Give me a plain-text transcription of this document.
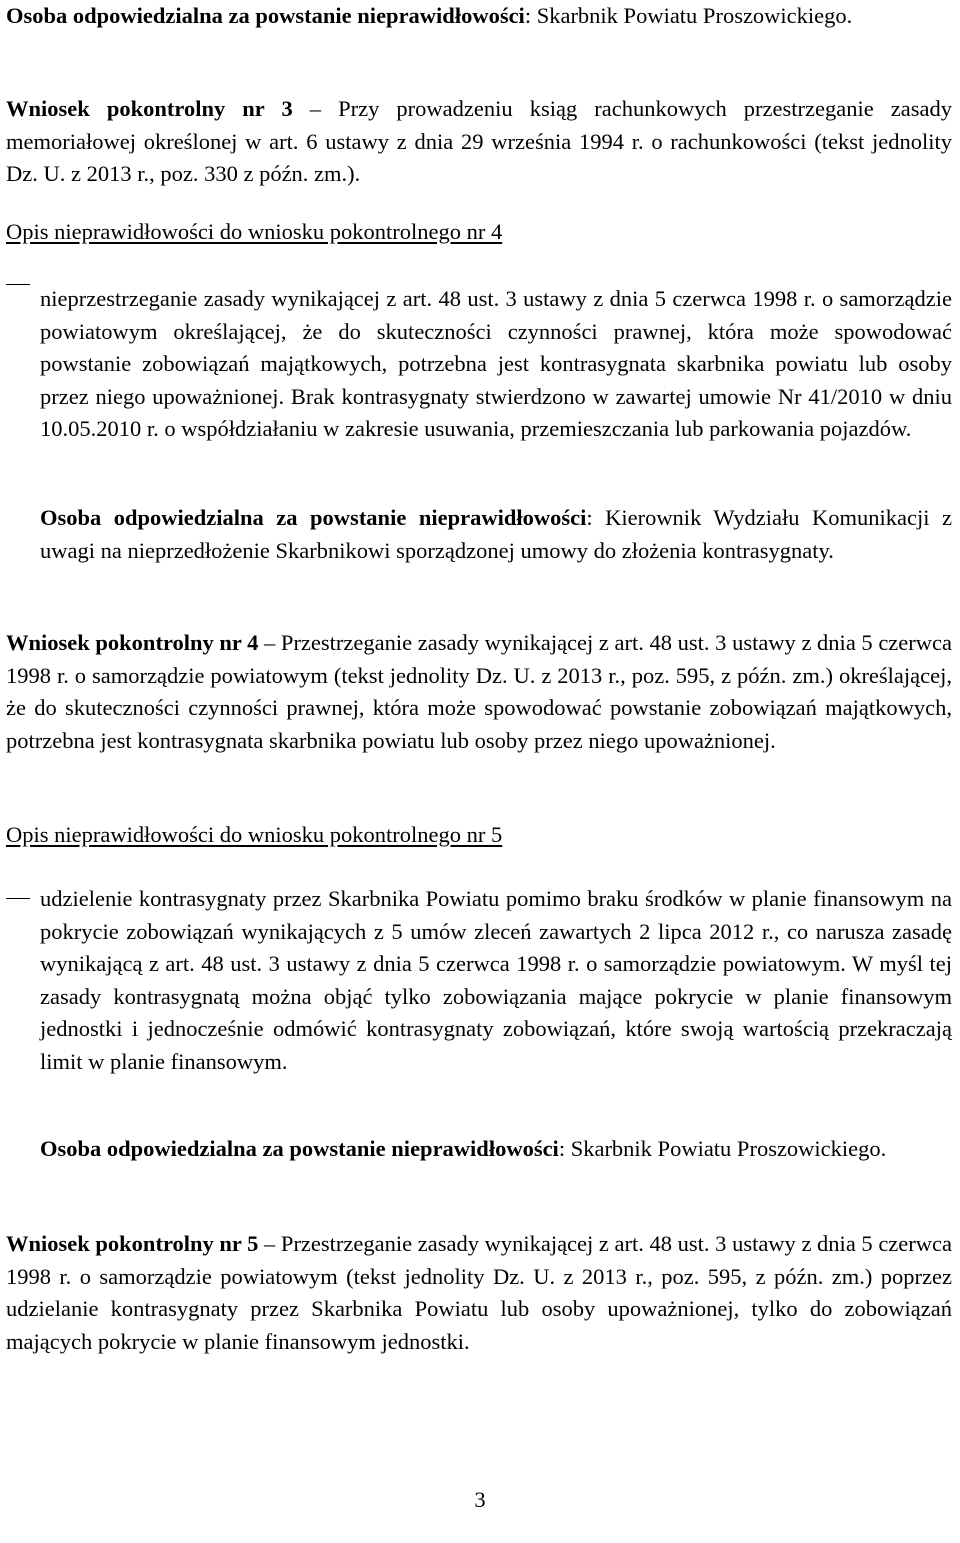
Osoba odpowiedzialna za powstanie nieprawidłowości: Skarbnik Powiatu Proszowickiego.
Wniosek pokontrolny nr 3 – Przy prowadzeniu ksiąg rachunkowych przestrzeganie zasady memoriałowej określonej w art. 6 ustawy z dnia 29 września 1994 r. o rachunkowości (tekst jednolity Dz. U. z 2013 r., poz. 330 z późn. zm.).
Opis nieprawidłowości do wniosku pokontrolnego nr 4
nieprzestrzeganie zasady wynikającej z art. 48 ust. 3 ustawy z dnia 5 czerwca 1998 r. o samorządzie powiatowym określającej, że do skuteczności czynności prawnej, która może spowodować powstanie zobowiązań majątkowych, potrzebna jest kontrasygnata skarbnika powiatu lub osoby przez niego upoważnionej. Brak kontrasygnaty stwierdzono w zawartej umowie Nr 41/2010 w dniu 10.05.2010 r. o współdziałaniu w zakresie usuwania, przemieszczania lub parkowania pojazdów.
Osoba odpowiedzialna za powstanie nieprawidłowości: Kierownik Wydziału Komunikacji z uwagi na nieprzedłożenie Skarbnikowi sporządzonej umowy do złożenia kontrasygnaty.
Wniosek pokontrolny nr 4 – Przestrzeganie zasady wynikającej z art. 48 ust. 3 ustawy z dnia 5 czerwca 1998 r. o samorządzie powiatowym (tekst jednolity Dz. U. z 2013 r., poz. 595, z późn. zm.) określającej, że do skuteczności czynności prawnej, która może spowodować powstanie zobowiązań majątkowych, potrzebna jest kontrasygnata skarbnika powiatu lub osoby przez niego upoważnionej.
Opis nieprawidłowości do wniosku pokontrolnego nr 5
udzielenie kontrasygnaty przez Skarbnika Powiatu pomimo braku środków w planie finansowym na pokrycie zobowiązań wynikających z 5 umów zleceń zawartych 2 lipca 2012 r., co narusza zasadę wynikającą z art. 48 ust. 3 ustawy z dnia 5 czerwca 1998 r. o samorządzie powiatowym. W myśl tej zasady kontrasygnatą można objąć tylko zobowiązania mające pokrycie w planie finansowym jednostki i jednocześnie odmówić kontrasygnaty zobowiązań, które swoją wartością przekraczają limit w planie finansowym.
Osoba odpowiedzialna za powstanie nieprawidłowości: Skarbnik Powiatu Proszowickiego.
Wniosek pokontrolny nr 5 – Przestrzeganie zasady wynikającej z art. 48 ust. 3 ustawy z dnia 5 czerwca 1998 r. o samorządzie powiatowym (tekst jednolity Dz. U. z 2013 r., poz. 595, z późn. zm.) poprzez udzielanie kontrasygnaty przez Skarbnika Powiatu lub osoby upoważnionej, tylko do zobowiązań mających pokrycie w planie finansowym jednostki.
3
